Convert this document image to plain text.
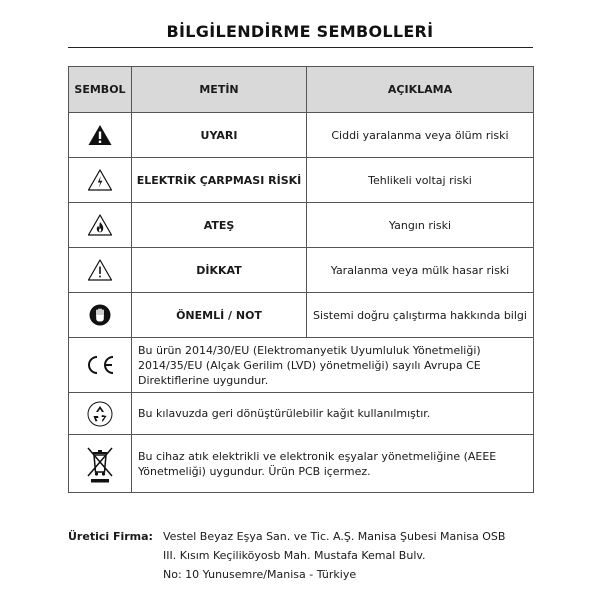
BİLGİLENDİRME SEMBOLLERİ
SEMBOL	METİN	AÇIKLAMA

	UYARI	Ciddi yaralanma veya ölüm riski

	ELEKTRİK ÇARPMASI RİSKİ	Tehlikeli voltaj riski

	ATEŞ	Yangın riski

	DİKKAT	Yaralanma veya mülk hasar riski

	ÖNEMLİ / NOT	Sistemi doğru çalıştırma hakkında bilgi

	Bu ürün 2014/30/EU (Elektromanyetik Uyumluluk Yönetmeliği) 2014/35/EU (Alçak Gerilim (LVD) yönetmeliği) sayılı Avrupa CE Direktiflerine uygundur.	

	Bu kılavuzda geri dönüştürülebilir kağıt kullanılmıştır.	

	Bu cihaz atık elektrikli ve elektronik eşyalar yönetmeliğine (AEEE Yönetmeliği) uygundur. Ürün PCB içermez.	
Üretici Firma: Vestel Beyaz Eşya San. ve Tic. A.Ş. Manisa Şubesi Manisa OSB
III. Kısım Keçiliköyosb Mah. Mustafa Kemal Bulv.
No: 10 Yunusemre/Manisa - Türkiye
